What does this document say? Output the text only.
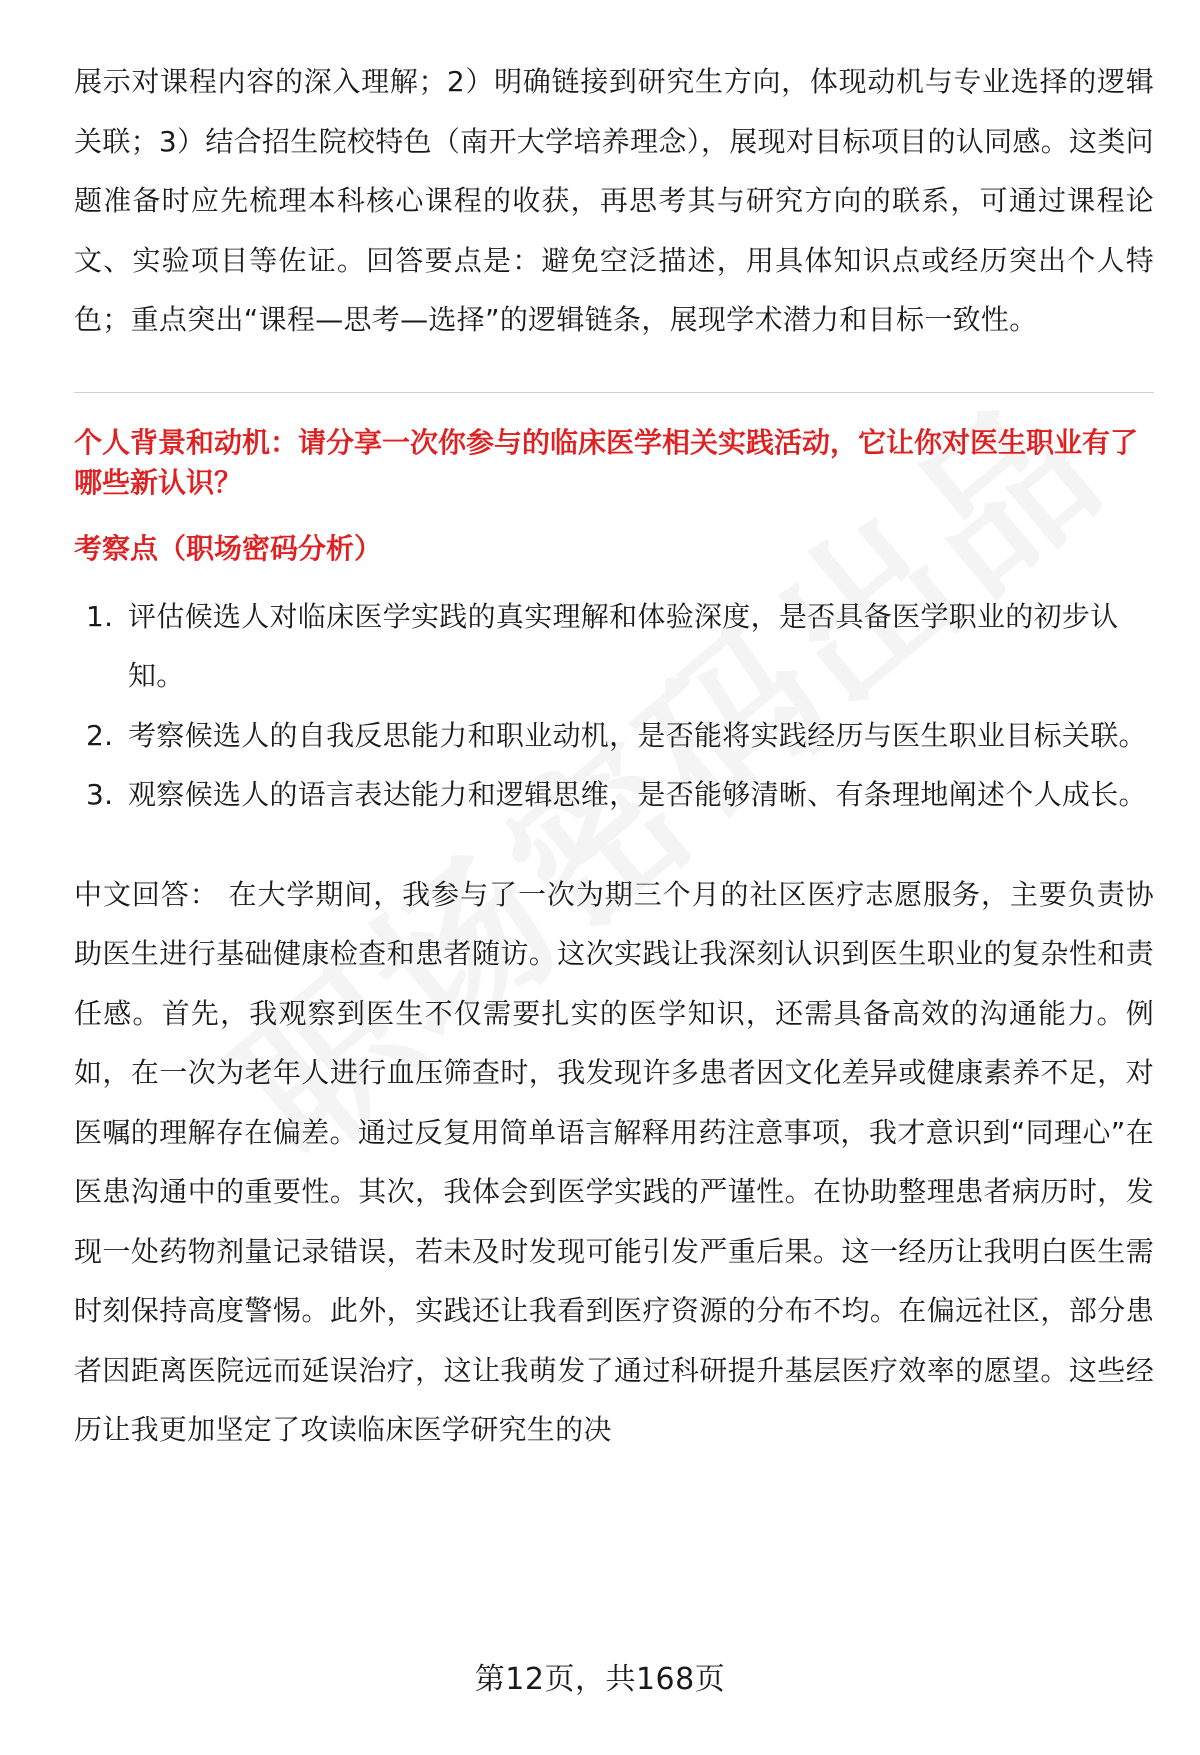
展示对课程内容的深入理解；2）明确链接到研究生方向，体现动机与专业选择的逻辑关联；3）结合招生院校特色（南开大学培养理念），展现对目标项目的认同感。这类问题准备时应先梳理本科核心课程的收获，再思考其与研究方向的联系，可通过课程论文、实验项目等佐证。回答要点是：避免空泛描述，用具体知识点或经历突出个人特色；重点突出“课程—思考—选择”的逻辑链条，展现学术潜力和目标一致性。

个人背景和动机：请分享一次你参与的临床医学相关实践活动，它让你对医生职业有了哪些新认识？

考察点（职场密码分析）

1. 评估候选人对临床医学实践的真实理解和体验深度，是否具备医学职业的初步认知。
2. 考察候选人的自我反思能力和职业动机，是否能将实践经历与医生职业目标关联。
3. 观察候选人的语言表达能力和逻辑思维，是否能够清晰、有条理地阐述个人成长。

中文回答： 在大学期间，我参与了一次为期三个月的社区医疗志愿服务，主要负责协助医生进行基础健康检查和患者随访。这次实践让我深刻认识到医生职业的复杂性和责任感。首先，我观察到医生不仅需要扎实的医学知识，还需具备高效的沟通能力。例如，在一次为老年人进行血压筛查时，我发现许多患者因文化差异或健康素养不足，对医嘱的理解存在偏差。通过反复用简单语言解释用药注意事项，我才意识到“同理心”在医患沟通中的重要性。其次，我体会到医学实践的严谨性。在协助整理患者病历时，发现一处药物剂量记录错误，若未及时发现可能引发严重后果。这一经历让我明白医生需时刻保持高度警惕。此外，实践还让我看到医疗资源的分布不均。在偏远社区，部分患者因距离医院远而延误治疗，这让我萌发了通过科研提升基层医疗效率的愿望。这些经历让我更加坚定了攻读临床医学研究生的决

第12页，共168页
